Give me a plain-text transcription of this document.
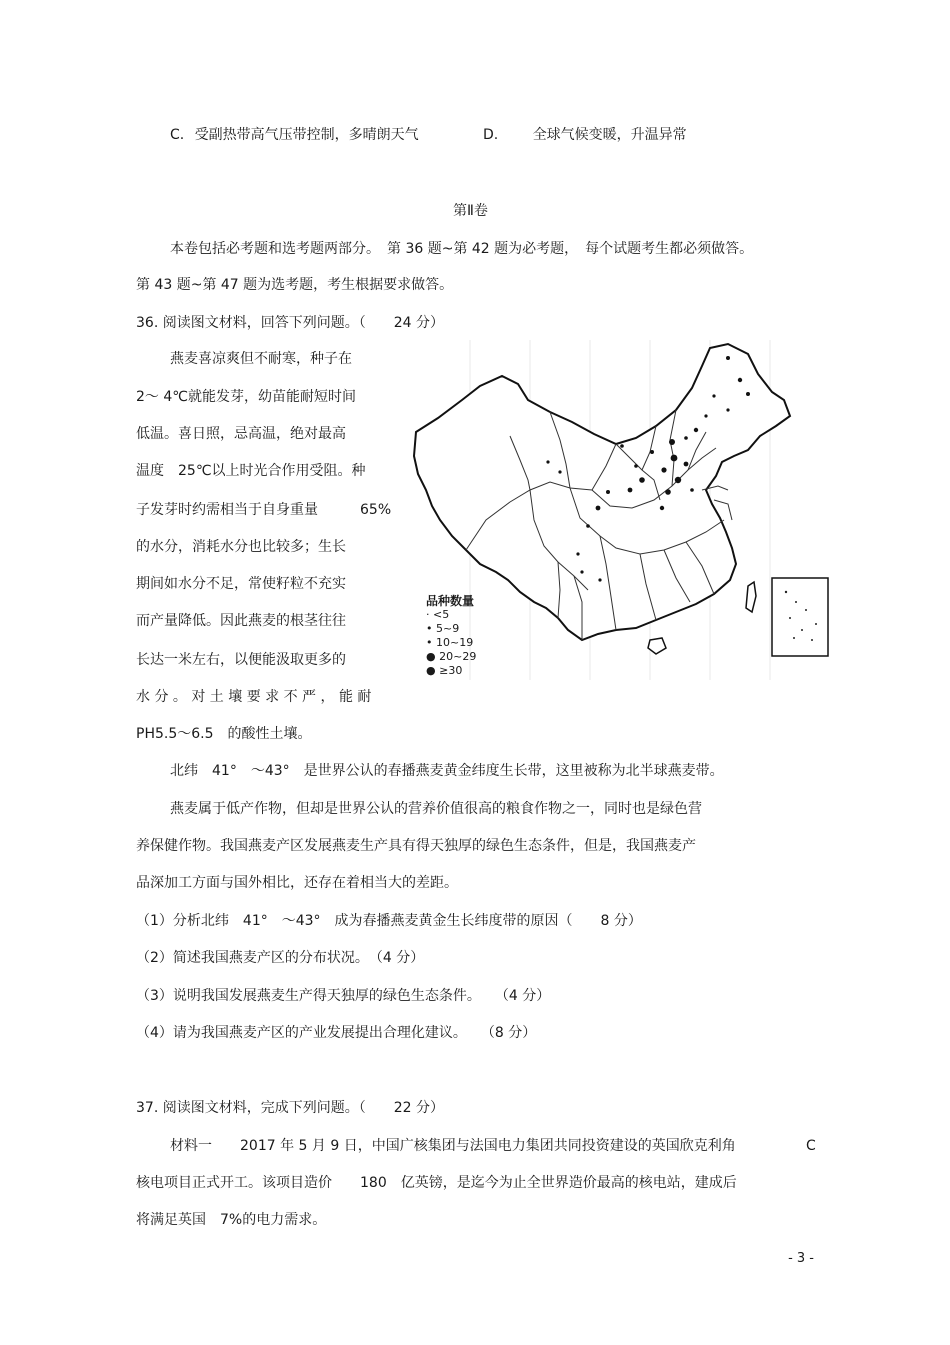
C. 受副热带高气压带控制，多晴朗天气	D. 全球气候变暖，升温异常
第Ⅱ卷
本卷包括必考题和选考题两部分。　第 36 题~第 42 题为必考题，　每个试题考生都必须做答。
第 43 题~第 47 题为选考题，考生根据要求做答。
36. 阅读图文材料，回答下列问题。（　　24 分）
燕麦喜凉爽但不耐寒，种子在
2～ 4℃就能发芽，幼苗能耐短时间
低温。喜日照，忌高温，绝对最高
温度　25℃以上时光合作用受阻。种
子发芽时约需相当于自身重量　　　65%
的水分，消耗水分也比较多；生长
期间如水分不足，常使籽粒不充实
而产量降低。因此燕麦的根茎往往
长达一米左右，以便能汲取更多的
水 分 。 对 土 壤 要 求 不 严 ， 能 耐
PH5.5～6.5　的酸性土壤。
品种数量
· <5
• 5~9
• 10~19
● 20~29
● ≥30
北纬　41°　～43°　是世界公认的春播燕麦黄金纬度生长带，这里被称为北半球燕麦带。
燕麦属于低产作物，但却是世界公认的营养价值很高的粮食作物之一，同时也是绿色营
养保健作物。我国燕麦产区发展燕麦生产具有得天独厚的绿色生态条件，但是，我国燕麦产
品深加工方面与国外相比，还存在着相当大的差距。
（1）分析北纬　41°　～43°　成为春播燕麦黄金生长纬度带的原因（　　8 分）
（2）简述我国燕麦产区的分布状况。　（4 分）
（3）说明我国发展燕麦生产得天独厚的绿色生态条件。　　（4 分）
（4）请为我国燕麦产区的产业发展提出合理化建议。　　（8 分）
37. 阅读图文材料，完成下列问题。（　　22 分）
材料一　　2017 年 5 月 9 日，中国广核集团与法国电力集团共同投资建设的英国欣克利角	C
核电项目正式开工。该项目造价　　180　亿英镑，是迄今为止全世界造价最高的核电站，建成后
将满足英国　7%的电力需求。
- 3 -
